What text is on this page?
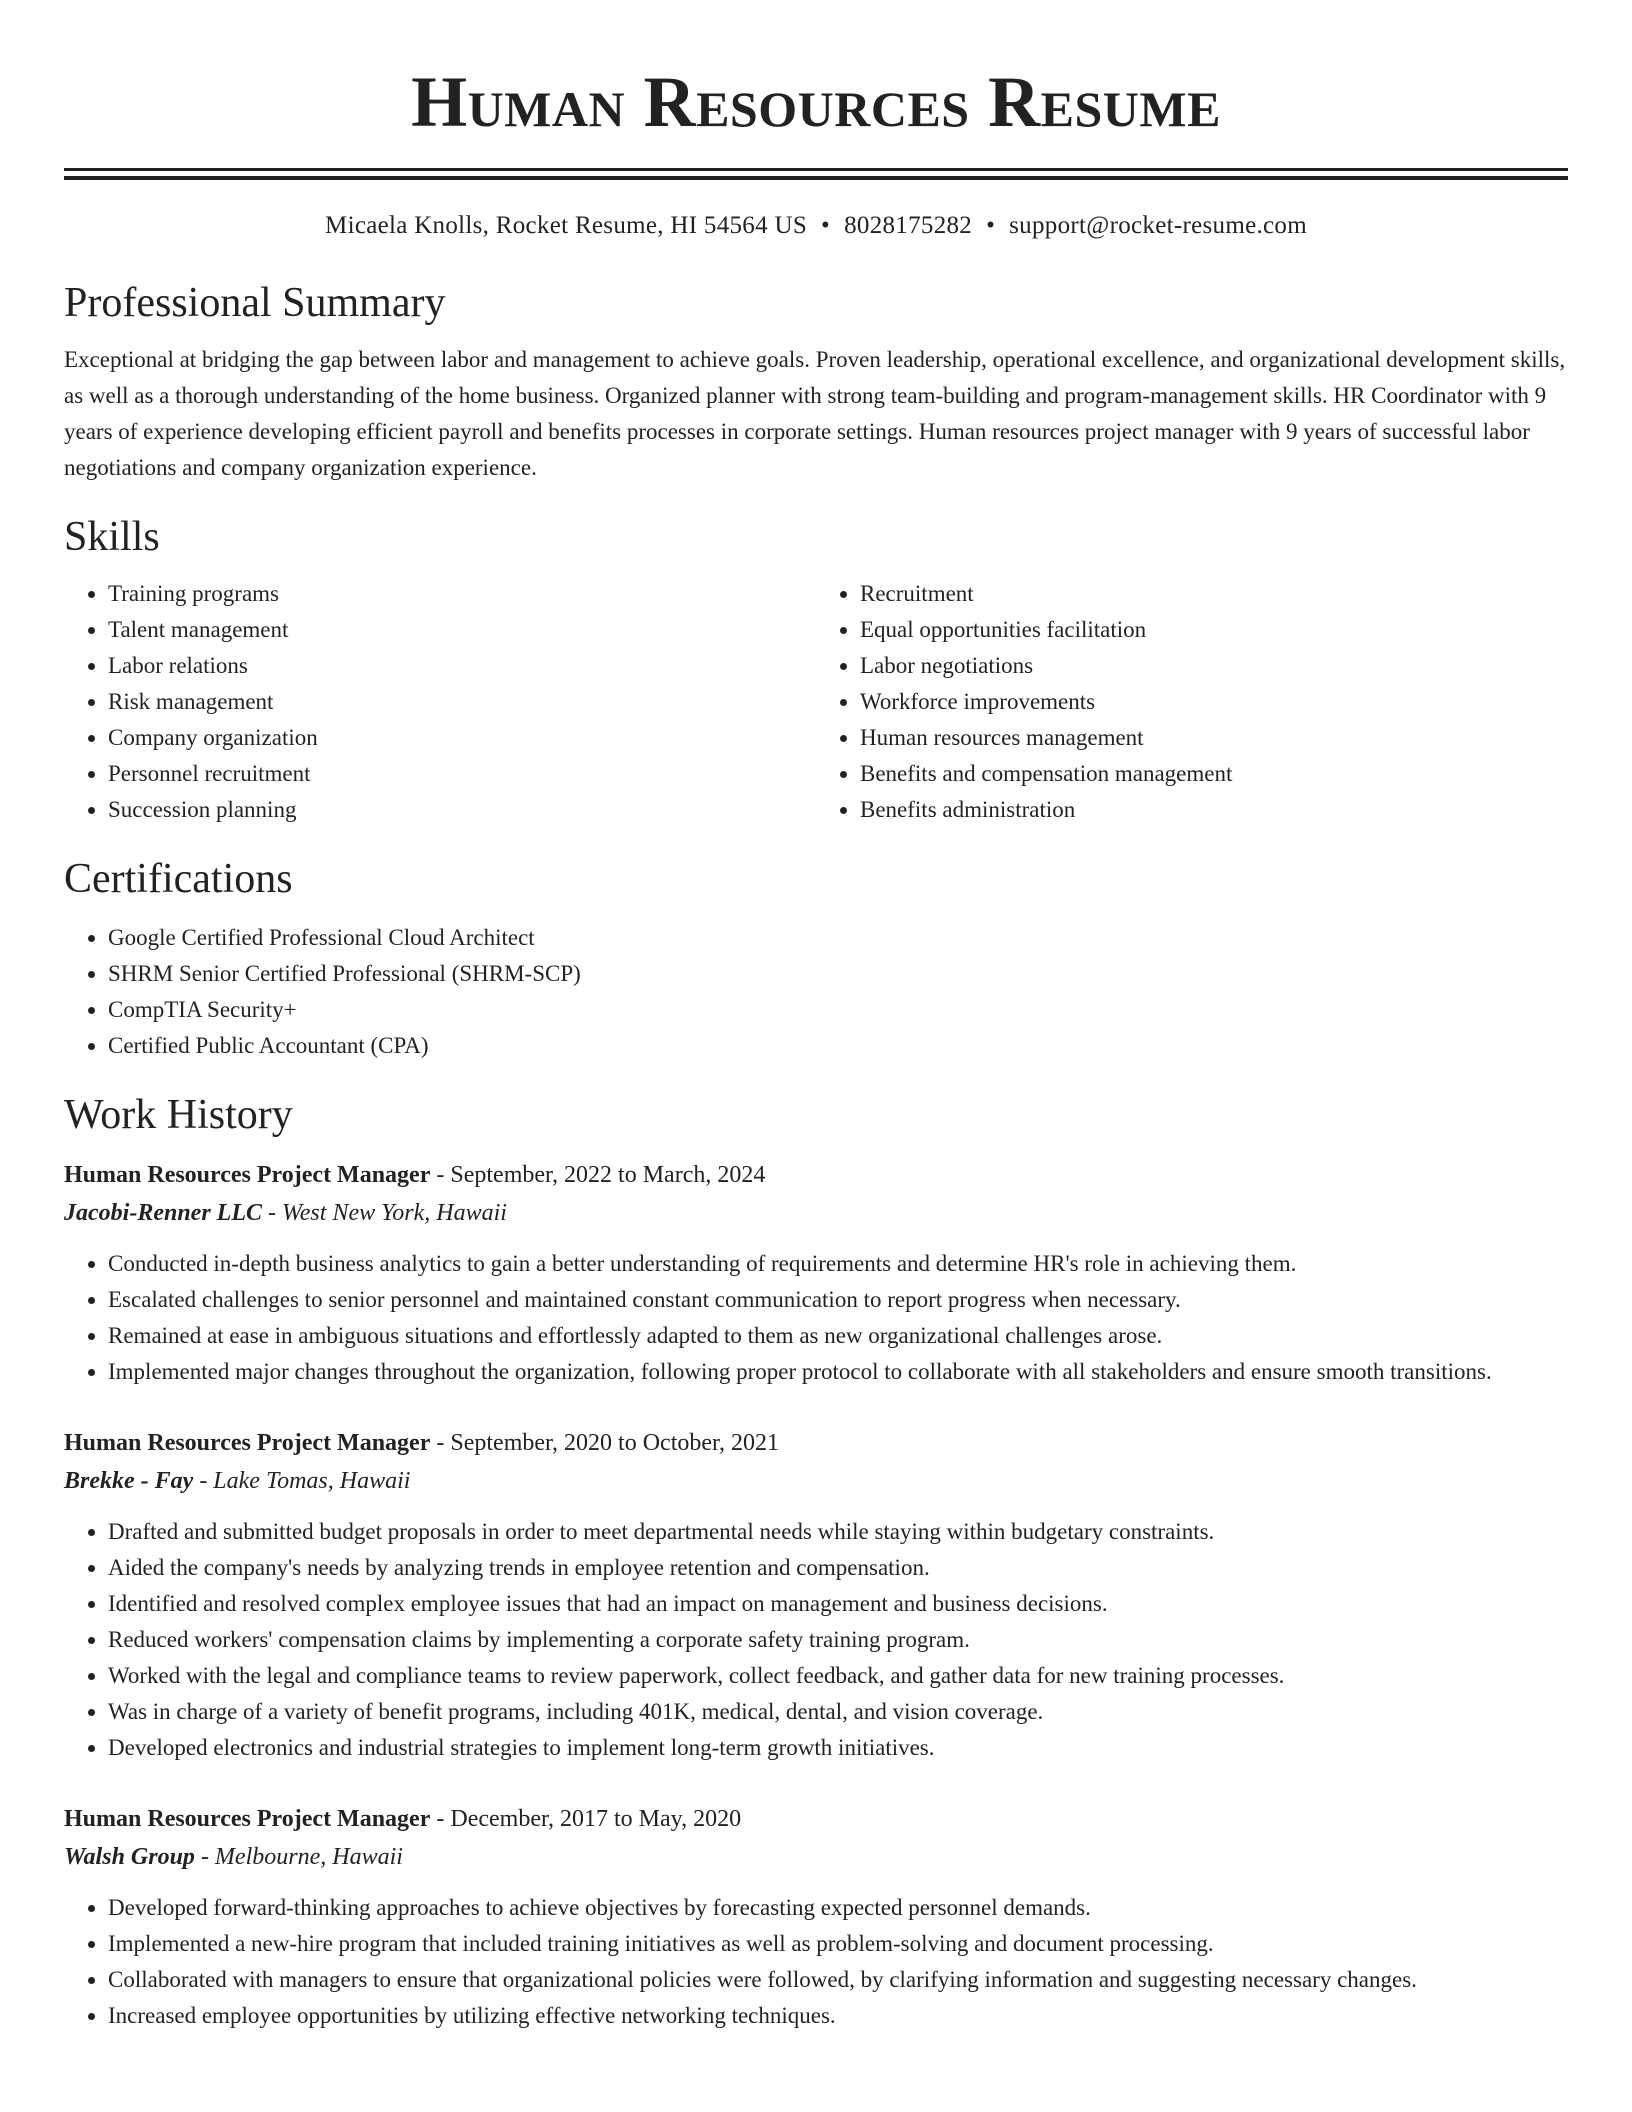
Human Resources Resume
Micaela Knolls, Rocket Resume, HI 54564 US • 8028175282 • support@rocket-resume.com
Professional Summary

Exceptional at bridging the gap between labor and management to achieve goals. Proven leadership, operational excellence, and organizational development skills, as well as a thorough understanding of the home business. Organized planner with strong team-building and program-management skills. HR Coordinator with 9 years of experience developing efficient payroll and benefits processes in corporate settings. Human resources project manager with 9 years of successful labor negotiations and company organization experience.

Skills
• Training programs
• Talent management
• Labor relations
• Risk management
• Company organization
• Personnel recruitment
• Succession planning
• Recruitment
• Equal opportunities facilitation
• Labor negotiations
• Workforce improvements
• Human resources management
• Benefits and compensation management
• Benefits administration
Certifications
• Google Certified Professional Cloud Architect
• SHRM Senior Certified Professional (SHRM-SCP)
• CompTIA Security+
• Certified Public Accountant (CPA)
Work History
Human Resources Project Manager - September, 2022 to March, 2024
Jacobi-Renner LLC - West New York, Hawaii
• Conducted in-depth business analytics to gain a better understanding of requirements and determine HR's role in achieving them.
• Escalated challenges to senior personnel and maintained constant communication to report progress when necessary.
• Remained at ease in ambiguous situations and effortlessly adapted to them as new organizational challenges arose.
• Implemented major changes throughout the organization, following proper protocol to collaborate with all stakeholders and ensure smooth transitions.
Human Resources Project Manager - September, 2020 to October, 2021
Brekke - Fay - Lake Tomas, Hawaii
• Drafted and submitted budget proposals in order to meet departmental needs while staying within budgetary constraints.
• Aided the company's needs by analyzing trends in employee retention and compensation.
• Identified and resolved complex employee issues that had an impact on management and business decisions.
• Reduced workers' compensation claims by implementing a corporate safety training program.
• Worked with the legal and compliance teams to review paperwork, collect feedback, and gather data for new training processes.
• Was in charge of a variety of benefit programs, including 401K, medical, dental, and vision coverage.
• Developed electronics and industrial strategies to implement long-term growth initiatives.
Human Resources Project Manager - December, 2017 to May, 2020
Walsh Group - Melbourne, Hawaii
• Developed forward-thinking approaches to achieve objectives by forecasting expected personnel demands.
• Implemented a new-hire program that included training initiatives as well as problem-solving and document processing.
• Collaborated with managers to ensure that organizational policies were followed, by clarifying information and suggesting necessary changes.
• Increased employee opportunities by utilizing effective networking techniques.
